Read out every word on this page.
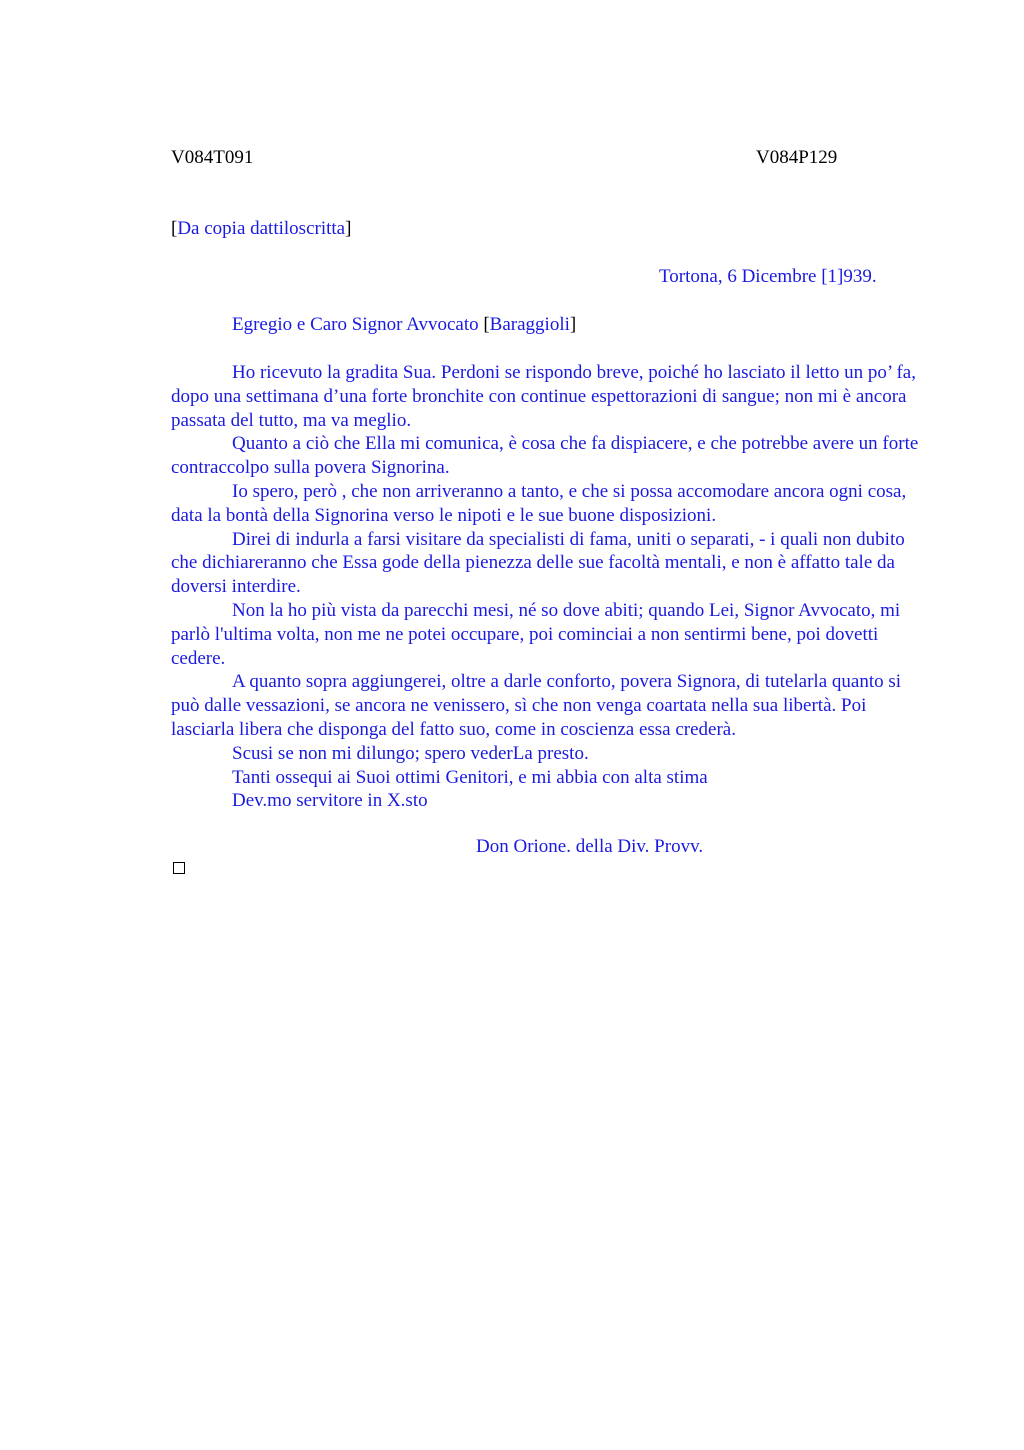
V084T091	V084P129
[Da copia dattiloscritta]
Tortona, 6 Dicembre [1]939.
Egregio e Caro Signor Avvocato [Baraggioli]

Ho ricevuto la gradita Sua. Perdoni se rispondo breve, poiché ho lasciato il letto un po’ fa, dopo una settimana d’una forte bronchite con continue espettorazioni di sangue; non mi è ancora passata del tutto, ma va meglio.

Quanto a ciò che Ella mi comunica, è cosa che fa dispiacere, e che potrebbe avere un forte contraccolpo sulla povera Signorina.

Io spero, però , che non arriveranno a tanto, e che si possa accomodare ancora ogni cosa, data la bontà della Signorina verso le nipoti e le sue buone disposizioni.

Direi di indurla a farsi visitare da specialisti di fama, uniti o separati, - i quali non dubito che dichiareranno che Essa gode della pienezza delle sue facoltà mentali, e non è affatto tale da doversi interdire.

Non la ho più vista da parecchi mesi, né so dove abiti; quando Lei, Signor Avvocato, mi parlò l'ultima volta, non me ne potei occupare, poi cominciai a non sentirmi bene, poi dovetti cedere.

A quanto sopra aggiungerei, oltre a darle conforto, povera Signora, di tutelarla quanto si può dalle vessazioni, se ancora ne venissero, sì che non venga coartata nella sua libertà. Poi lasciarla libera che disponga del fatto suo, come in coscienza essa crederà.

Scusi se non mi dilungo; spero vederLa presto.

Tanti ossequi ai Suoi ottimi Genitori, e mi abbia con alta stima

Dev.mo servitore in X.sto

Don Orione. della Div. Provv.
